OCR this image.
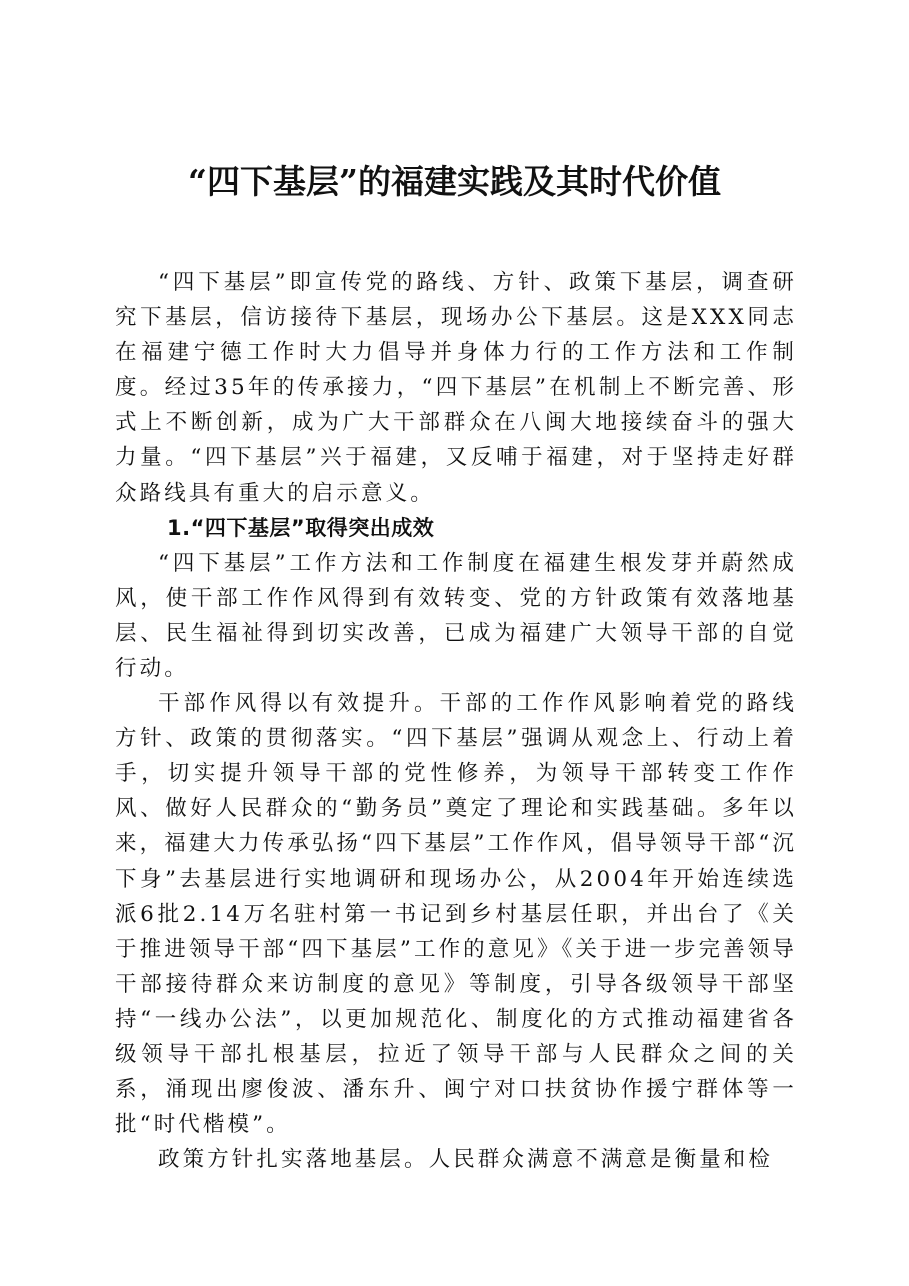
“四下基层”的福建实践及其时代价值

“四下基层”即宣传党的路线、方针、政策下基层，调查研究下基层，信访接待下基层，现场办公下基层。这是XXX同志在福建宁德工作时大力倡导并身体力行的工作方法和工作制度。经过35年的传承接力，“四下基层”在机制上不断完善、形式上不断创新，成为广大干部群众在八闽大地接续奋斗的强大力量。“四下基层”兴于福建，又反哺于福建，对于坚持走好群众路线具有重大的启示意义。

1.“四下基层”取得突出成效

“四下基层”工作方法和工作制度在福建生根发芽并蔚然成风，使干部工作作风得到有效转变、党的方针政策有效落地基层、民生福祉得到切实改善，已成为福建广大领导干部的自觉行动。

干部作风得以有效提升。干部的工作作风影响着党的路线方针、政策的贯彻落实。“四下基层”强调从观念上、行动上着手，切实提升领导干部的党性修养，为领导干部转变工作作风、做好人民群众的“勤务员”奠定了理论和实践基础。多年以来，福建大力传承弘扬“四下基层”工作作风，倡导领导干部“沉下身”去基层进行实地调研和现场办公，从2004年开始连续选派6批2.14万名驻村第一书记到乡村基层任职，并出台了《关于推进领导干部“四下基层”工作的意见》《关于进一步完善领导干部接待群众来访制度的意见》等制度，引导各级领导干部坚持“一线办公法”，以更加规范化、制度化的方式推动福建省各级领导干部扎根基层，拉近了领导干部与人民群众之间的关系，涌现出廖俊波、潘东升、闽宁对口扶贫协作援宁群体等一批“时代楷模”。

政策方针扎实落地基层。人民群众满意不满意是衡量和检
